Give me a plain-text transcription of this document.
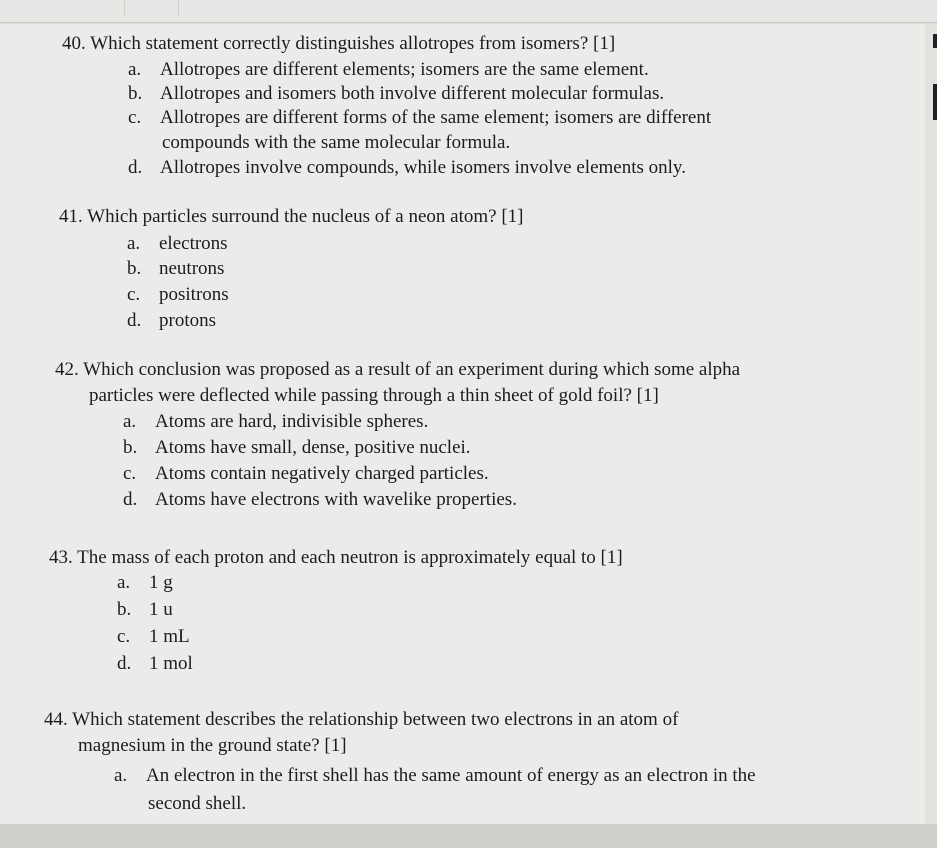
40. Which statement correctly distinguishes allotropes from isomers? [1]
a. Allotropes are different elements; isomers are the same element.
b. Allotropes and isomers both involve different molecular formulas.
c. Allotropes are different forms of the same element; isomers are different
compounds with the same molecular formula.
d. Allotropes involve compounds, while isomers involve elements only.
41. Which particles surround the nucleus of a neon atom? [1]
a. electrons
b. neutrons
c. positrons
d. protons
42. Which conclusion was proposed as a result of an experiment during which some alpha
particles were deflected while passing through a thin sheet of gold foil? [1]
a. Atoms are hard, indivisible spheres.
b. Atoms have small, dense, positive nuclei.
c. Atoms contain negatively charged particles.
d. Atoms have electrons with wavelike properties.
43. The mass of each proton and each neutron is approximately equal to [1]
a. 1 g
b. 1 u
c. 1 mL
d. 1 mol
44. Which statement describes the relationship between two electrons in an atom of
magnesium in the ground state? [1]
a. An electron in the first shell has the same amount of energy as an electron in the
second shell.
